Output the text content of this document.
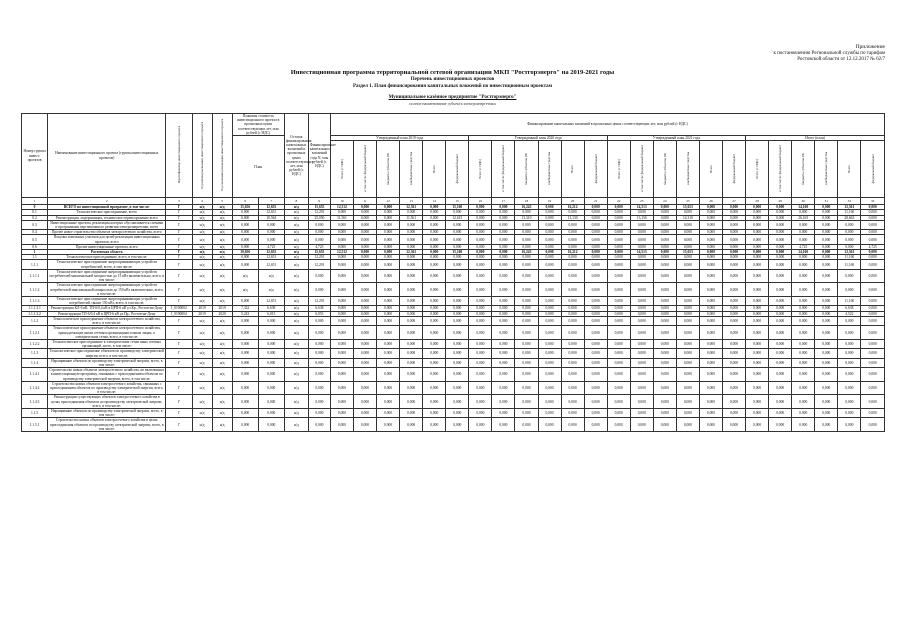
Приложение
к постановлению Региональной службы по тарифам
Ростовской области от 12.12.2017 № 62/7
Инвестиционная программа территориальной сетевой организации МКП "Ростгорэнерго" на 2019-2021 годы
Перечень инвестиционных проектов
Раздел 1. План финансирования капитальных вложений по инвестиционным проектам
Муниципальное казённое предприятие "Ростгорэнерго"
полное наименование субъекта электроэнергетики
Номер группы инвест. проектов	Наименование инвестиционного проекта (группы инвестиционных проектов)	Идентификатор инвестиционного проекта	Год начала реализации инвестиционного проекта	Год окончания реализации инвестиционного проекта	Плановая стоимость инвестиционного проекта в прогнозных ценах соответствующих лет, млн рублей (с НДС)		Остаток финансирования капитальных вложений в прогнозных ценах соответствующих лет, млн рублей (с НДС)	Финансирование капитальных вложений года N, млн рублей (с НДС)	Финансирование капитальных вложений в прогнозных ценах соответствующих лет, млн рублей (с НДС)																							
					План				Утвержденный план 2019 года						Утвержденный план 2020 года						Утвержденный план 2021 года						Итого (план)					
									Всего (с НДС)	в том числе: федеральный бюджет	бюджеты субъектов РФ	внебюджетные средства	Всего	федеральный бюджет	Всего (с НДС)	в том числе: федеральный бюджет	бюджеты субъектов РФ	внебюджетные средства	Всего	федеральный бюджет	Всего (с НДС)	в том числе: федеральный бюджет	бюджеты субъектов РФ	внебюджетные средства	Всего	федеральный бюджет	Всего (с НДС)	в том числе: федеральный бюджет	бюджеты субъектов РФ	внебюджетные средства	Всего	федеральный бюджет
1	2	3	4	5	6	7	8	9	10	11	12	13	14	15	16	17	18	19	20	21	22	23	24	25	26	27	28	29	30	31	32	33
0	ВСЕГО по инвестиционной программе, в том числе:	Г	н/д	н/д	15,656	12,655	н/д	15,655	12,512	0,000	0,000	12,361	0,000	15,160	0,000	0,000	16,243	0,000	16,212	0,000	0,000	14,513	0,000	15,653	0,000	0,000	0,000	0,000	14,160	0,000	12,561	0,000
0.1	Технологическое присоединение, всего	Г	н/д	н/д	0,000	12,651	н/д	12,291	0,000	0,000	0,000	0,000	0,000	0,000	0,000	0,000	0,000	0,000	0,000	0,000	0,000	0,000	0,000	0,000	0,000	0,000	0,000	0,000	0,000	0,000	11,160	0,000
0.2	Реконструкция, модернизация, техническое перевооружение всего	Г	н/д	н/д	0,000	10,564	н/д	25,050	11,561	0,000	0,000	11,561	0,000	12,615	0,000	0,000	13,310	0,000	13,130	0,000	0,000	13,156	0,000	14,310	0,000	0,000	0,000	0,000	26,165	0,000	28,663	0,000
0.3	Инвестиционные проекты, реализация которых обуславливается схемами и программами перспективного развития электроэнергетики, всего	Г	н/д	н/д	0,000	0,000	н/д	0,000	0,000	0,000	0,000	0,000	0,000	0,000	0,000	0,000	0,000	0,000	0,000	0,000	0,000	0,000	0,000	0,000	0,000	0,000	0,000	0,000	0,000	0,000	0,000	0,000
0.4	Прочее новое строительство объектов электросетевого хозяйства, всего	Г	н/д	н/д	0,000	0,000	н/д	0,000	0,000	0,000	0,000	0,000	0,000	0,000	0,000	0,000	0,000	0,000	0,000	0,000	0,000	0,000	0,000	0,000	0,000	0,000	0,000	0,000	0,000	0,000	0,000	0,000
0.5	Покупка земельных участков для целей реализации инвестиционных проектов, всего	Г	н/д	н/д	0,000	0,000	н/д	0,000	0,000	0,000	0,000	0,000	0,000	0,000	0,000	0,000	0,000	0,000	0,000	0,000	0,000	0,000	0,000	0,000	0,000	0,000	0,000	0,000	0,000	0,000	0,000	0,000
0.6	Прочие инвестиционные проекты, всего	Г	н/д	н/д	0,000	4,725	н/д	4,725	0,000	0,000	0,000	0,000	0,000	0,000	0,000	0,000	0,000	0,000	0,000	0,000	0,000	0,000	0,000	0,000	0,000	0,000	0,000	0,000	4,725	0,000	0,000	4,725
1	Ростовская область	Г	н/д	н/д	10,656	12,655	н/д	15,655	12,512	0,000	0,000	12,361	0,000	15,160	0,000	0,000	16,243	0,000	16,212	0,000	0,000	14,513	0,000	15,653	0,000	0,000	0,000	0,000	14,160	0,000	12,561	0,000
1.1	Технологическое присоединение, всего, в том числе:	Г	н/д	н/д	0,000	12,651	н/д	12,291	0,000	0,000	0,000	0,000	0,000	0,000	0,000	0,000	0,000	0,000	0,000	0,000	0,000	0,000	0,000	0,000	0,000	0,000	0,000	0,000	0,000	0,000	11,160	0,000
1.1.1	Технологическое присоединение энергопринимающих устройств потребителей, всего, в том числе:	Г	н/д	н/д	0,000	12,651	н/д	12,291	0,000	0,000	0,000	0,000	0,000	0,000	0,000	0,000	0,000	0,000	0,000	0,000	0,000	0,000	0,000	0,000	0,000	0,000	0,000	0,000	0,000	0,000	11,160	0,000
1.1.1.1	Технологическое присоединение энергопринимающих устройств потребителей максимальной мощностью до 15 кВт включительно, всего, в том числе:	Г	н/д	н/д	н/д	н/д	н/д	0,000	0,000	0,000	0,000	0,000	0,000	0,000	0,000	0,000	0,000	0,000	0,000	0,000	0,000	0,000	0,000	0,000	0,000	0,000	0,000	0,000	0,000	0,000	0,000	0,000
1.1.1.2	Технологическое присоединение энергопринимающих устройств потребителей максимальной мощностью до 150 кВт включительно, всего, в том числе:	Г	н/д	н/д	н/д	н/д	н/д	0,000	0,000	0,000	0,000	0,000	0,000	0,000	0,000	0,000	0,000	0,000	0,000	0,000	0,000	0,000	0,000	0,000	0,000	0,000	0,000	0,000	0,000	0,000	0,000	0,000
1.1.1.3	Технологическое присоединение энергопринимающих устройств потребителей свыше 150 кВт, всего, в том числе:	Г	н/д	н/д	0,000	12,651	н/д	12,291	0,000	0,000	0,000	0,000	0,000	0,000	0,000	0,000	0,000	0,000	0,000	0,000	0,000	0,000	0,000	0,000	0,000	0,000	0,000	0,000	0,000	0,000	11,160	0,000
1.1.1.3.1	Реконструкция КЛ-6 кВ, ТП-6/0,4 кВ в ЦРП-6 кВ ул.Кр., Ростов-на-Дону	I_0190002	2019	2019	7,322	6,638	н/д	6,638	0,000	0,000	0,000	0,000	0,000	0,000	0,000	0,000	0,000	0,000	0,000	0,000	0,000	0,000	0,000	0,000	0,000	0,000	0,000	0,000	0,000	0,000	6,638	0,000
1.1.1.3.2	Реконструкция ТП-6/0,4 кВ в ЦРП-6 кВ ул.Пр., Ростов-на-Дону	I_0190004	2019	2020	5,243	6,013	н/д	6,053	0,000	0,000	0,000	0,000	0,000	0,000	0,000	0,000	0,000	0,000	0,000	0,000	0,000	0,000	0,000	0,000	0,000	0,000	0,000	0,000	0,000	0,000	4,522	0,000
1.1.2	Технологическое присоединение объектов электросетевого хозяйства, всего, в том числе:	Г	н/д	н/д	0,000	0,000	н/д	0,000	0,000	0,000	0,000	0,000	0,000	0,000	0,000	0,000	0,000	0,000	0,000	0,000	0,000	0,000	0,000	0,000	0,000	0,000	0,000	0,000	0,000	0,000	0,000	0,000
1.1.2.1	Технологическое присоединение объектов электросетевого хозяйства, принадлежащих иным сетевым организациям и иным лицам, к электрическим сетям, всего, в том числе:	Г	н/д	н/д	0,000	0,000	н/д	0,000	0,000	0,000	0,000	0,000	0,000	0,000	0,000	0,000	0,000	0,000	0,000	0,000	0,000	0,000	0,000	0,000	0,000	0,000	0,000	0,000	0,000	0,000	0,000	0,000
1.1.2.2	Технологическое присоединение к электрическим сетям иных сетевых организаций, всего, в том числе:	Г	н/д	н/д	0,000	0,000	н/д	0,000	0,000	0,000	0,000	0,000	0,000	0,000	0,000	0,000	0,000	0,000	0,000	0,000	0,000	0,000	0,000	0,000	0,000	0,000	0,000	0,000	0,000	0,000	0,000	0,000
1.1.3	Технологическое присоединение объектов по производству электрической энергии, всего, в том числе:	Г	н/д	н/д	0,000	0,000	н/д	0,000	0,000	0,000	0,000	0,000	0,000	0,000	0,000	0,000	0,000	0,000	0,000	0,000	0,000	0,000	0,000	0,000	0,000	0,000	0,000	0,000	0,000	0,000	0,000	0,000
1.1.4	Наращивание объектов по производству электрической энергии, всего, в том числе:	Г	н/д	н/д	0,000	0,000	н/д	0,000	0,000	0,000	0,000	0,000	0,000	0,000	0,000	0,000	0,000	0,000	0,000	0,000	0,000	0,000	0,000	0,000	0,000	0,000	0,000	0,000	0,000	0,000	0,000	0,000
1.1.4.1	Строительство новых объектов электросетевого хозяйства, не включенных в инвестиционную программу, связанных с присоединением объектов по производству электрической энергии, всего, в том числе:	Г	н/д	н/д	0,000	0,000	н/д	0,000	0,000	0,000	0,000	0,000	0,000	0,000	0,000	0,000	0,000	0,000	0,000	0,000	0,000	0,000	0,000	0,000	0,000	0,000	0,000	0,000	0,000	0,000	0,000	0,000
1.1.4.2	Строительство новых объектов электросетевого хозяйства, связанных с присоединением объектов по производству электрической энергии, всего, в том числе:	Г	н/д	н/д	0,000	0,000	н/д	0,000	0,000	0,000	0,000	0,000	0,000	0,000	0,000	0,000	0,000	0,000	0,000	0,000	0,000	0,000	0,000	0,000	0,000	0,000	0,000	0,000	0,000	0,000	0,000	0,000
1.1.4.3	Реконструкция существующих объектов электросетевого хозяйства в целях присоединения объектов по производству электрической энергии, всего, в том числе:	Г	н/д	н/д	0,000	0,000	н/д	0,000	0,000	0,000	0,000	0,000	0,000	0,000	0,000	0,000	0,000	0,000	0,000	0,000	0,000	0,000	0,000	0,000	0,000	0,000	0,000	0,000	0,000	0,000	0,000	0,000
1.1.5	Наращивание объектов по производству электрической энергии, всего, в том числе:	Г	н/д	н/д	0,000	0,000	н/д	0,000	0,000	0,000	0,000	0,000	0,000	0,000	0,000	0,000	0,000	0,000	0,000	0,000	0,000	0,000	0,000	0,000	0,000	0,000	0,000	0,000	0,000	0,000	0,000	0,000
1.1.5.1	Строительство новых объектов электросетевого хозяйства в целях присоединения объектов по производству электрической энергии, всего, в том числе:	Г	н/д	н/д	0,000	0,000	н/д	0,000	0,000	0,000	0,000	0,000	0,000	0,000	0,000	0,000	0,000	0,000	0,000	0,000	0,000	0,000	0,000	0,000	0,000	0,000	0,000	0,000	0,000	0,000	0,000	0,000
